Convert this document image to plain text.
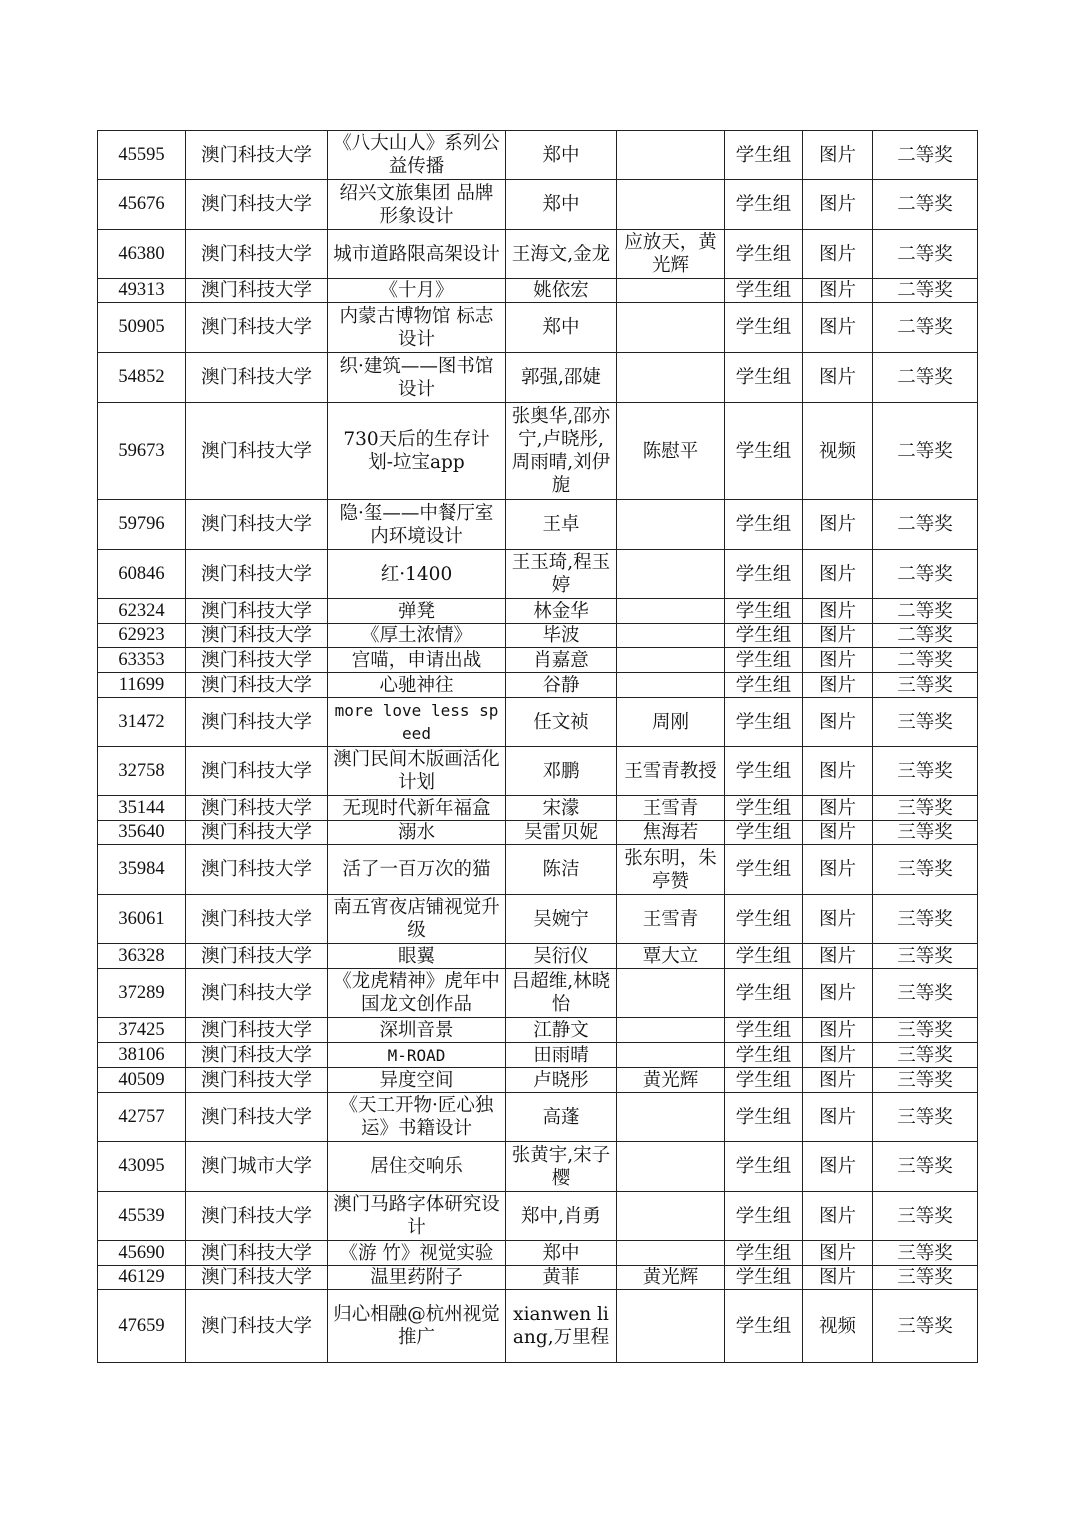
45595	澳门科技大学	《八大山人》系列公益传播	郑中		学生组	图片	二等奖
45676	澳门科技大学	绍兴文旅集团 品牌形象设计	郑中		学生组	图片	二等奖
46380	澳门科技大学	城市道路限高架设计	王海文,金龙	应放天，黄光辉	学生组	图片	二等奖
49313	澳门科技大学	《十月》	姚依宏		学生组	图片	二等奖
50905	澳门科技大学	内蒙古博物馆 标志设计	郑中		学生组	图片	二等奖
54852	澳门科技大学	织·建筑——图书馆设计	郭强,邵婕		学生组	图片	二等奖
59673	澳门科技大学	730天后的生存计划-垃宝app	张奥华,邵亦宁,卢晓彤,周雨晴,刘伊旎	陈慰平	学生组	视频	二等奖
59796	澳门科技大学	隐·玺——中餐厅室内环境设计	王卓		学生组	图片	二等奖
60846	澳门科技大学	红·1400	王玉琦,程玉婷		学生组	图片	二等奖
62324	澳门科技大学	弹凳	林金华		学生组	图片	二等奖
62923	澳门科技大学	《厚土浓情》	毕波		学生组	图片	二等奖
63353	澳门科技大学	宫喵，申请出战	肖嘉意		学生组	图片	二等奖
11699	澳门科技大学	心驰神往	谷静		学生组	图片	三等奖
31472	澳门科技大学	more love less speed	任文祯	周刚	学生组	图片	三等奖
32758	澳门科技大学	澳门民间木版画活化计划	邓鹏	王雪青教授	学生组	图片	三等奖
35144	澳门科技大学	无现时代新年福盒	宋濛	王雪青	学生组	图片	三等奖
35640	澳门科技大学	溺水	吴雷贝妮	焦海若	学生组	图片	三等奖
35984	澳门科技大学	活了一百万次的猫	陈洁	张东明，朱亭赞	学生组	图片	三等奖
36061	澳门科技大学	南五宵夜店铺视觉升级	吴婉宁	王雪青	学生组	图片	三等奖
36328	澳门科技大学	眼翼	吴衍仪	覃大立	学生组	图片	三等奖
37289	澳门科技大学	《龙虎精神》虎年中国龙文创作品	吕超维,林晓怡		学生组	图片	三等奖
37425	澳门科技大学	深圳音景	江静文		学生组	图片	三等奖
38106	澳门科技大学	M-ROAD	田雨晴		学生组	图片	三等奖
40509	澳门科技大学	异度空间	卢晓彤	黄光辉	学生组	图片	三等奖
42757	澳门科技大学	《天工开物·匠心独运》书籍设计	高蓬		学生组	图片	三等奖
43095	澳门城市大学	居住交响乐	张黄宇,宋子樱		学生组	图片	三等奖
45539	澳门科技大学	澳门马路字体研究设计	郑中,肖勇		学生组	图片	三等奖
45690	澳门科技大学	《游 竹》视觉实验	郑中		学生组	图片	三等奖
46129	澳门科技大学	温里药附子	黄菲	黄光辉	学生组	图片	三等奖
47659	澳门科技大学	归心相融@杭州视觉推广	xianwen liang,万里程		学生组	视频	三等奖
